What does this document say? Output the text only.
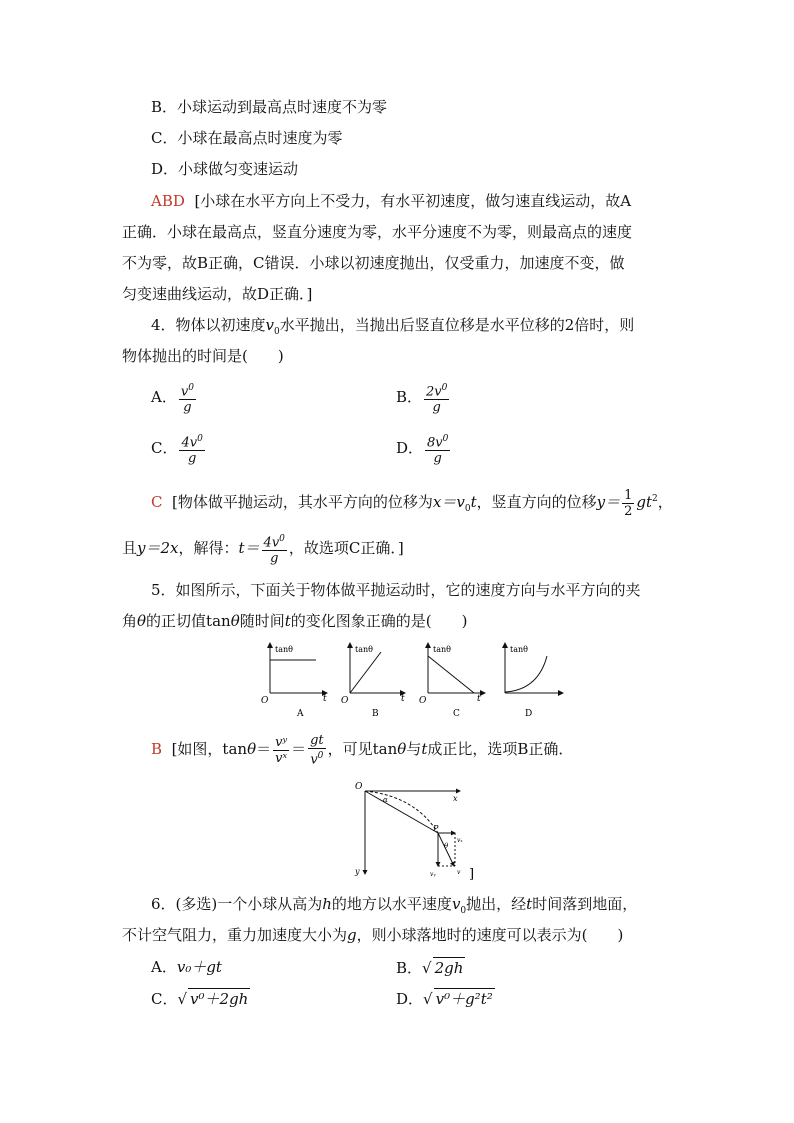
B．小球运动到最高点时速度不为零
C．小球在最高点时速度为零
D．小球做匀变速运动
ABD [小球在水平方向上不受力，有水平初速度，做匀速直线运动，故A
正确．小球在最高点，竖直分速度为零，水平分速度不为零，则最高点的速度
不为零，故B正确，C错误．小球以初速度抛出，仅受重力，加速度不变，做
匀变速曲线运动，故D正确．]
4．物体以初速度$v_0$水平抛出，当抛出后竖直位移是水平位移的2倍时，则
物体抛出的时间是(　　)
A． $\frac{v^0}{g}$	B． $\frac{2v^0}{g}$
C． $\frac{4v^0}{g}$	D． $\frac{8v^0}{g}$
C [物体做平抛运动，其水平方向的位移为$x=v_0t$，竖直方向的位移$y= \frac{1}{2} gt^2$，
且y＝2x，解得：$t= \frac{4v^0}{g}$ ，故选项C正确．]
5．如图所示，下面关于物体做平抛运动时，它的速度方向与水平方向的夹
角θ的正切值tanθ随时间t的变化图象正确的是(　　)
tanθ
t
O
A
tanθ
t
O
B
tanθ
t
O
C
tanθ
D
B [如图，$\tan\theta= \frac{\text{vʸ}}{\text{vˣ}} = \frac{gt}{v^0}$ ，可见tanθ与t成正比，选项B正确．
O
x
y
P
α
θ
vₓ
vᵧ	v ]
6．(多选)一个小球从高为h的地方以水平速度$v_0$抛出，经t时间落到地面，
不计空气阻力，重力加速度大小为g，则小球落地时的速度可以表示为(　　)
A．v₀＋gt	B．√ 2gh
C．√ v⁰＋2gh	D．√ v⁰＋g²t²
